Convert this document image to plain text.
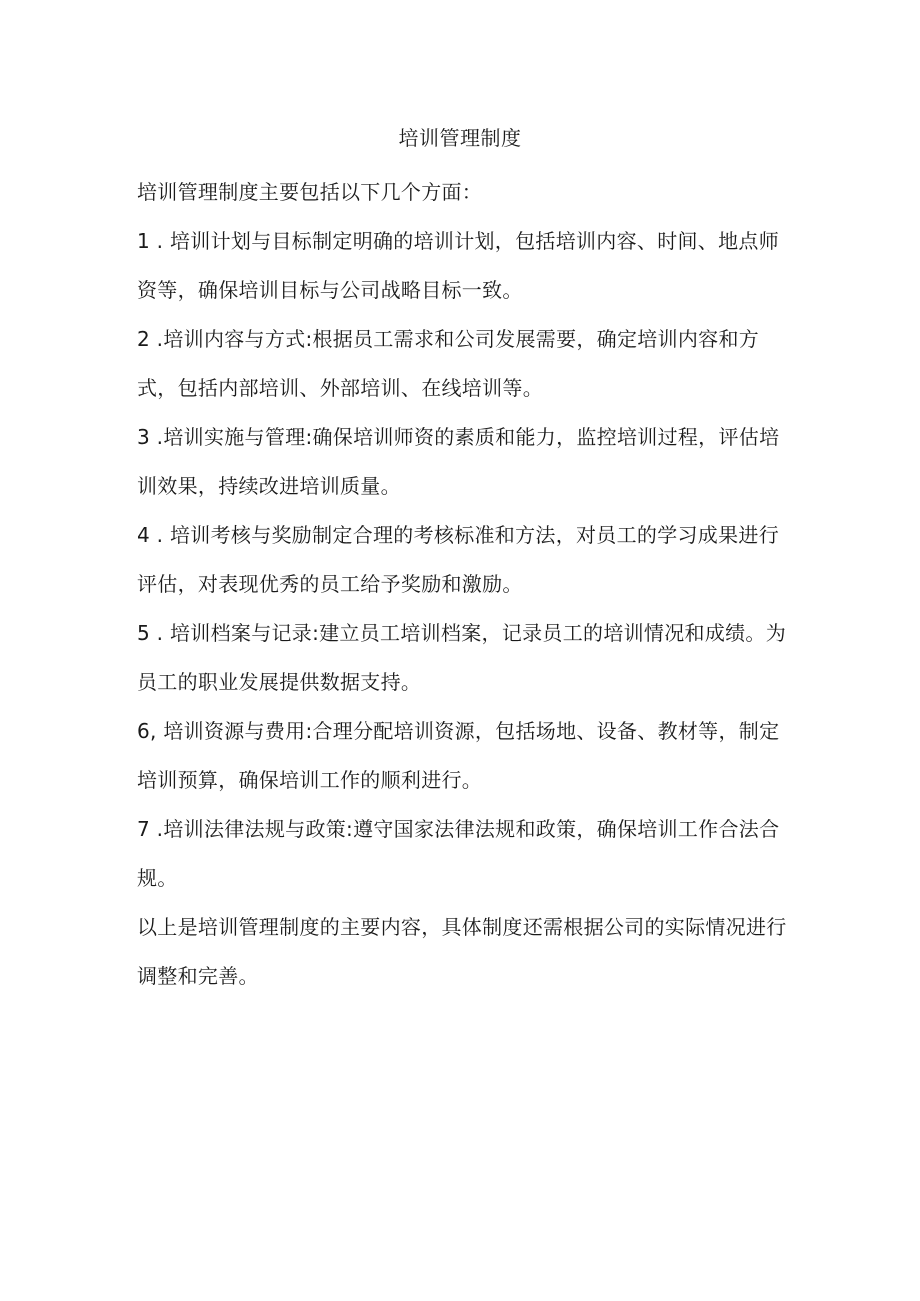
培训管理制度
培训管理制度主要包括以下几个方面：
1 . 培训计划与目标制定明确的培训计划，包括培训内容、时间、地点师资等，确保培训目标与公司战略目标一致。
2 .培训内容与方式:根据员工需求和公司发展需要，确定培训内容和方式，包括内部培训、外部培训、在线培训等。
3 .培训实施与管理:确保培训师资的素质和能力，监控培训过程，评估培训效果，持续改进培训质量。
4 . 培训考核与奖励制定合理的考核标准和方法，对员工的学习成果进行评估，对表现优秀的员工给予奖励和激励。
5 . 培训档案与记录:建立员工培训档案，记录员工的培训情况和成绩。为员工的职业发展提供数据支持。
6, 培训资源与费用:合理分配培训资源，包括场地、设备、教材等，制定培训预算，确保培训工作的顺利进行。
7 .培训法律法规与政策:遵守国家法律法规和政策，确保培训工作合法合规。
以上是培训管理制度的主要内容，具体制度还需根据公司的实际情况进行调整和完善。
